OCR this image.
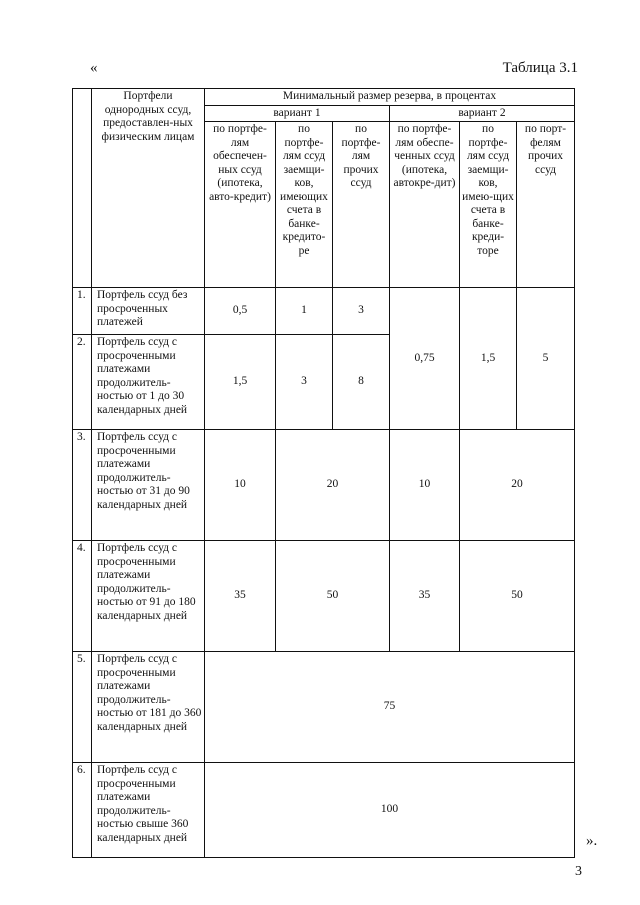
«	Таблица 3.1
	Портфели однородных ссуд, предоставлен-ных физическим лицам	Минимальный размер резерва, в процентах					
		вариант 1			вариант 2		
		по портфе-лям обеспечен-ных ссуд (ипотека, авто-кредит)	по портфе-лям ссуд заемщи-ков, имеющих счета в банке-кредито-ре	по портфе-лям прочих ссуд	по портфе-лям обеспе-ченных ссуд (ипотека, автокре-дит)	по портфе-лям ссуд заемщи-ков, имею-щих счета в банке-креди-торе	по порт-фелям прочих ссуд
1.	Портфель ссуд без просроченных платежей	0,5	1	3	0,75	1,5	5
2.	Портфель ссуд с просроченными платежами продолжитель-ностью от 1 до 30 календарных дней	1,5	3	8			
3.	Портфель ссуд с просроченными платежами продолжитель-ностью от 31 до 90 календарных дней	10	20		10	20	
4.	Портфель ссуд с просроченными платежами продолжитель-ностью от 91 до 180 календарных дней	35	50		35	50	
5.	Портфель ссуд с просроченными платежами продолжитель-ностью от 181 до 360 календарных дней	75					
6.	Портфель ссуд с просроченными платежами продолжитель-ностью свыше 360 календарных дней	100					
».
3
